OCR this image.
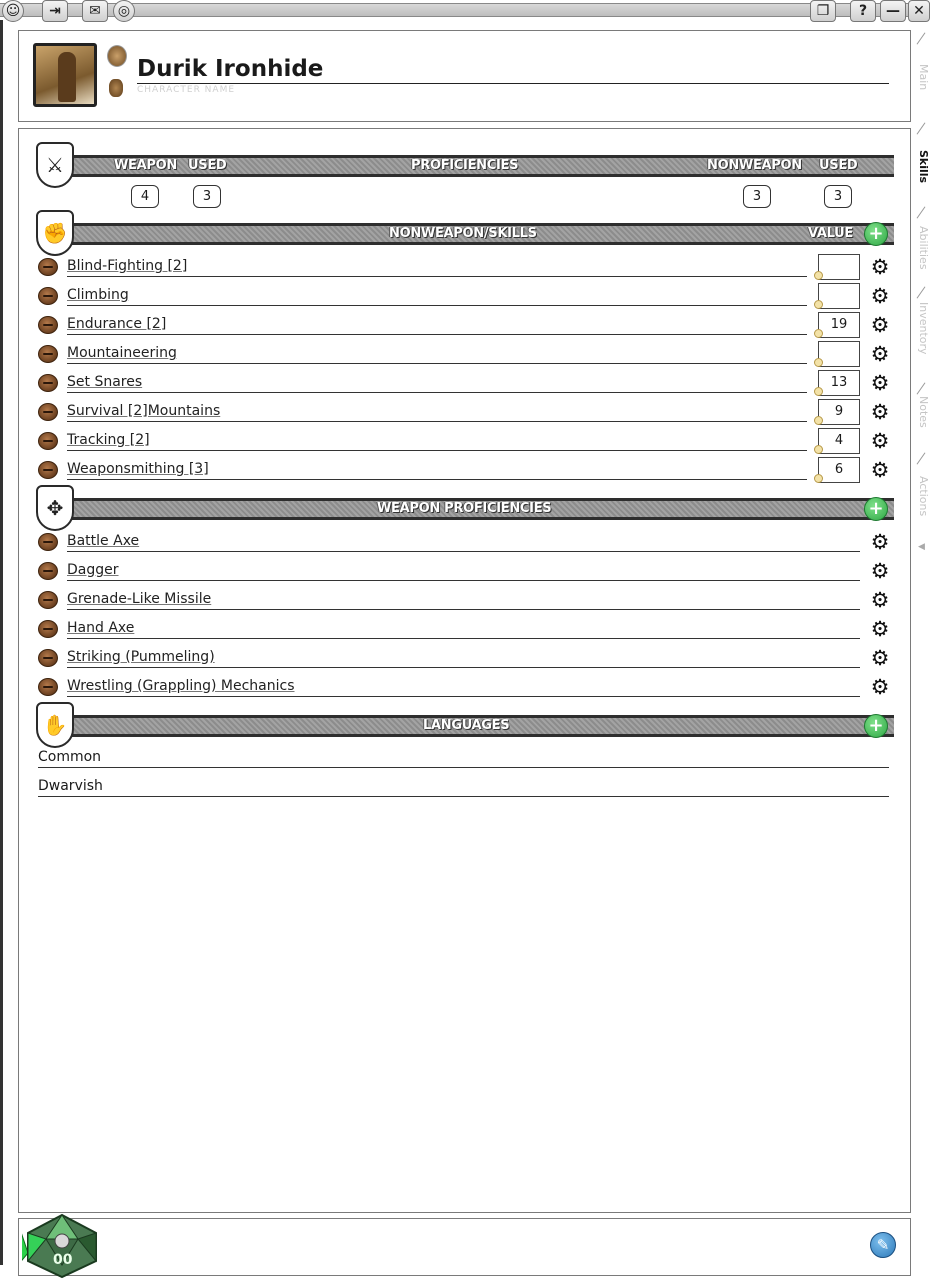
☺	⇥	✉	◎	❐	?	— ✕
Durik Ironhide
CHARACTER NAME	Main
Skills
Abilities
Inventory
Notes
Actions
◀
⚔	WEAPON USED	PROFICIENCIES	NONWEAPON USED
4	3	3	3
✊	NONWEAPON/SKILLS	VALUE +
Blind-Fighting [2]	⚙
Climbing	⚙
Endurance [2]	19	⚙
Mountaineering	⚙
Set Snares	13	⚙
Survival [2]Mountains	9	⚙
Tracking [2]	4	⚙
Weaponsmithing [3]	6	⚙
✥	WEAPON PROFICIENCIES	+
Battle Axe	⚙
Dagger	⚙
Grenade-Like Missile	⚙
Hand Axe	⚙
Striking (Pummeling)	⚙
Wrestling (Grappling) Mechanics	⚙
✋	LANGUAGES	+
Common
Dwarvish
00
✎
